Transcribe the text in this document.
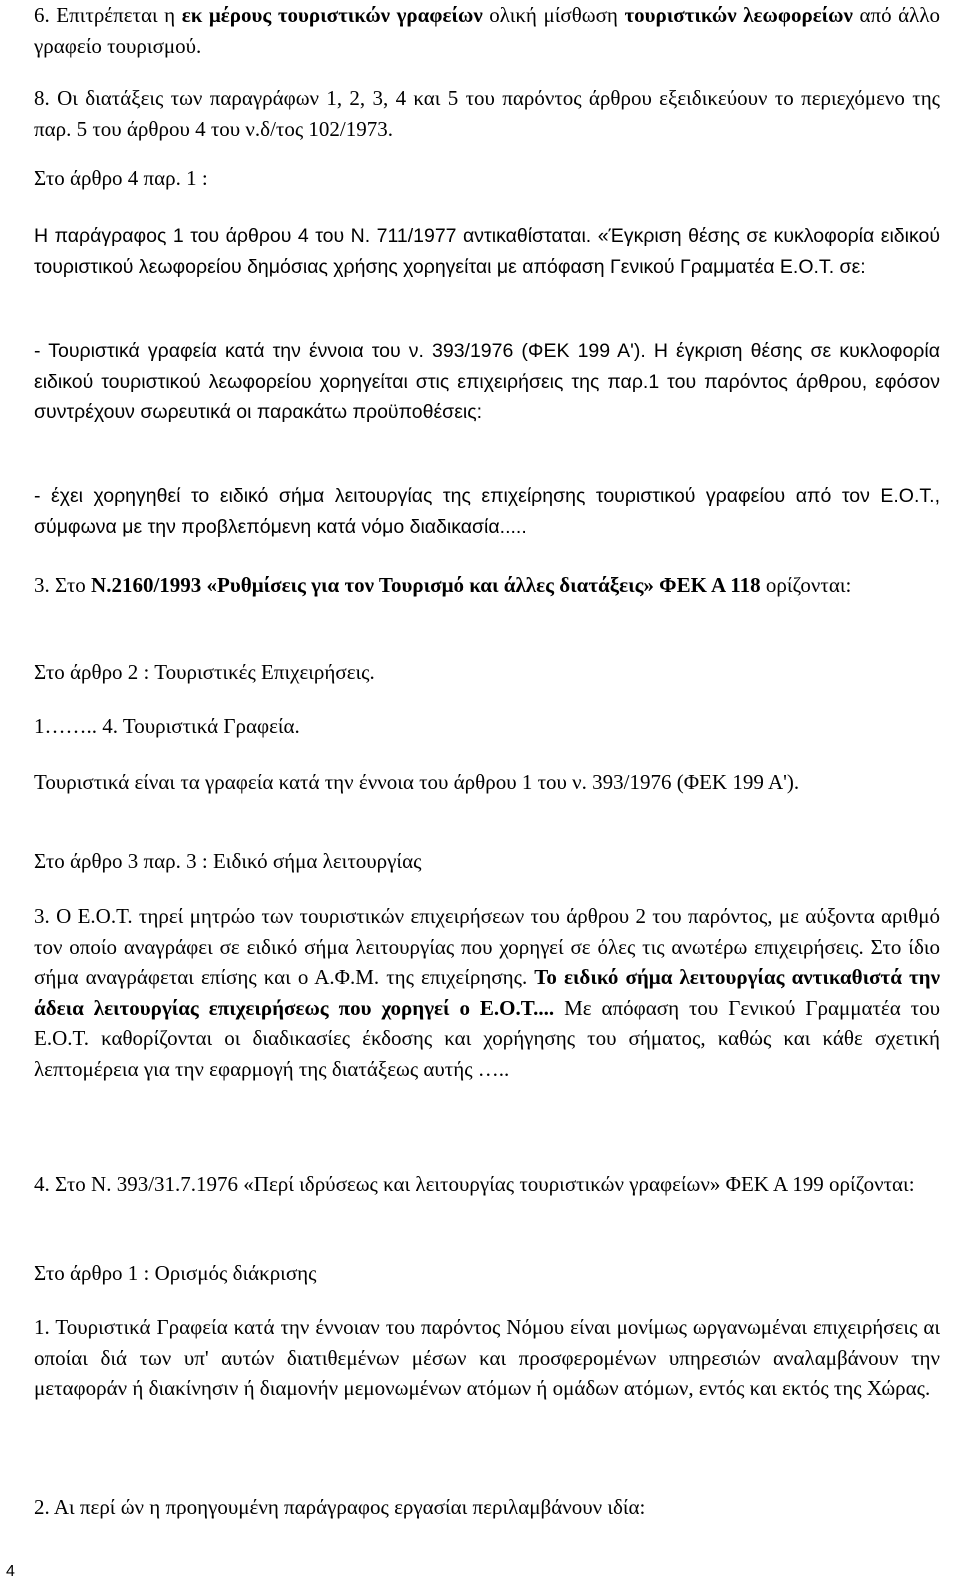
6. Επιτρέπεται η εκ μέρους τουριστικών γραφείων ολική μίσθωση τουριστικών λεωφορείων από άλλο γραφείο τουρισμού.

8. Οι διατάξεις των παραγράφων 1, 2, 3, 4 και 5 του παρόντος άρθρου εξειδικεύουν το περιεχόμενο της παρ. 5 του άρθρου 4 του ν.δ/τος 102/1973.

Στο άρθρο 4 παρ. 1 :

Η παράγραφος 1 του άρθρου 4 του Ν. 711/1977 αντικαθίσταται. «Έγκριση θέσης σε κυκλοφορία ειδικού τουριστικού λεωφορείου δημόσιας χρήσης χορηγείται με απόφαση Γενικού Γραμματέα Ε.Ο.Τ. σε:

- Τουριστικά γραφεία κατά την έννοια του ν. 393/1976 (ΦΕΚ 199 Α'). Η έγκριση θέσης σε κυκλοφορία ειδικού τουριστικού λεωφορείου χορηγείται στις επιχειρήσεις της παρ.1 του παρόντος άρθρου, εφόσον συντρέχουν σωρευτικά οι παρακάτω προϋποθέσεις:

- έχει χορηγηθεί το ειδικό σήμα λειτουργίας της επιχείρησης τουριστικού γραφείου από τον Ε.Ο.Τ., σύμφωνα με την προβλεπόμενη κατά νόμο διαδικασία.....

3. Στο Ν.2160/1993 «Ρυθμίσεις για τον Τουρισμό και άλλες διατάξεις» ΦΕΚ Α 118 ορίζονται:

Στο άρθρο 2 : Τουριστικές Επιχειρήσεις.

1…….. 4. Τουριστικά Γραφεία.

Τουριστικά είναι τα γραφεία κατά την έννοια του άρθρου 1 του ν. 393/1976 (ΦΕΚ 199 Α').

Στο άρθρο 3 παρ. 3 : Ειδικό σήμα λειτουργίας

3. Ο Ε.Ο.Τ. τηρεί μητρώο των τουριστικών επιχειρήσεων του άρθρου 2 του παρόντος, με αύξοντα αριθμό τον οποίο αναγράφει σε ειδικό σήμα λειτουργίας που χορηγεί σε όλες τις ανωτέρω επιχειρήσεις. Στο ίδιο σήμα αναγράφεται επίσης και ο Α.Φ.Μ. της επιχείρησης. Το ειδικό σήμα λειτουργίας αντικαθιστά την άδεια λειτουργίας επιχειρήσεως που χορηγεί ο Ε.Ο.Τ.... Με απόφαση του Γενικού Γραμματέα του Ε.Ο.Τ. καθορίζονται οι διαδικασίες έκδοσης και χορήγησης του σήματος, καθώς και κάθε σχετική λεπτομέρεια για την εφαρμογή της διατάξεως αυτής …..

4. Στο Ν. 393/31.7.1976 «Περί ιδρύσεως και λειτουργίας τουριστικών γραφείων» ΦΕΚ Α 199 ορίζονται:

Στο άρθρο 1 : Ορισμός διάκρισης

1. Τουριστικά Γραφεία κατά την έννοιαν του παρόντος Νόμου είναι μονίμως ωργανωμέναι επιχειρήσεις αι οποίαι διά των υπ' αυτών διατιθεμένων μέσων και προσφερομένων υπηρεσιών αναλαμβάνουν την μεταφοράν ή διακίνησιν ή διαμονήν μεμονωμένων ατόμων ή ομάδων ατόμων, εντός και εκτός της Χώρας.

2. Αι περί ών η προηγουμένη παράγραφος εργασίαι περιλαμβάνουν ιδία:

4
